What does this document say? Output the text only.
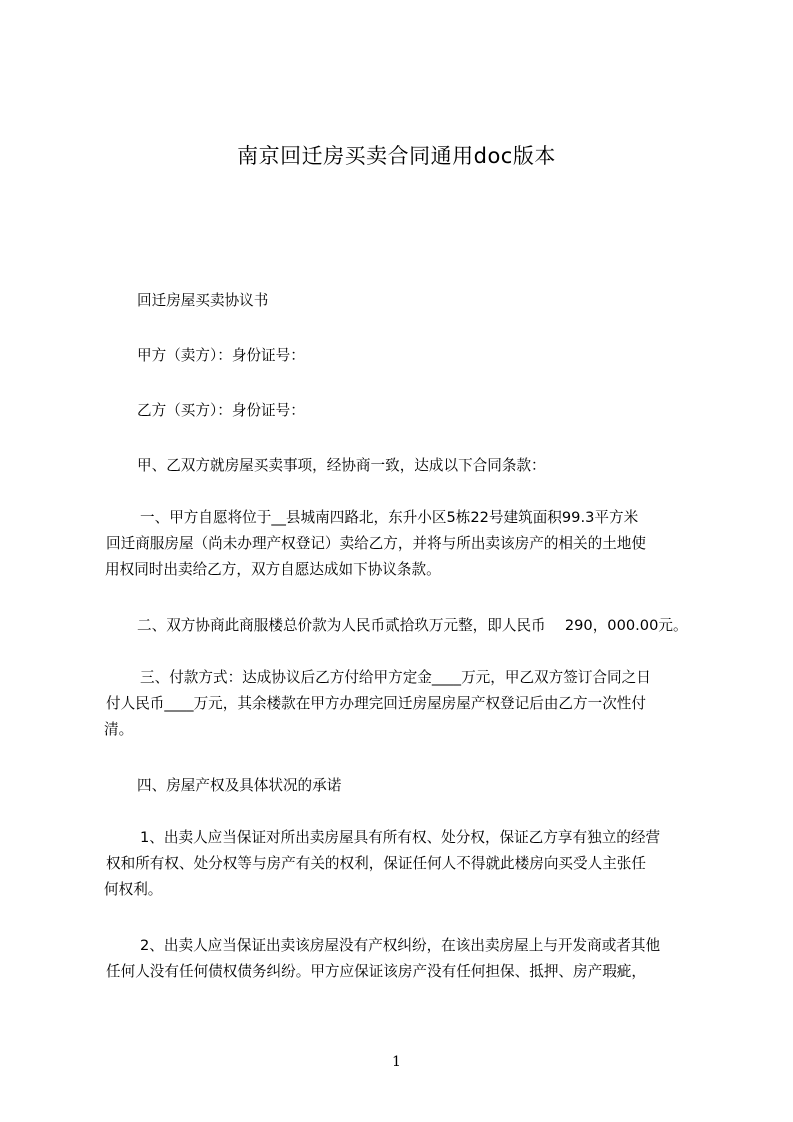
南京回迁房买卖合同通用doc版本
回迁房屋买卖协议书
甲方（卖方）：身份证号：
乙方（买方）：身份证号：
甲、乙双方就房屋买卖事项，经协商一致，达成以下合同条款：
一、甲方自愿将位于__县城南四路北，东升小区5栋22号建筑面积99.3平方米
回迁商服房屋（尚未办理产权登记）卖给乙方，并将与所出卖该房产的相关的土地使
用权同时出卖给乙方，双方自愿达成如下协议条款。
二、双方协商此商服楼总价款为人民币贰拾玖万元整，即人民币　 290，000.00元。
三、付款方式：达成协议后乙方付给甲方定金____万元，甲乙双方签订合同之日
付人民币____万元，其余楼款在甲方办理完回迁房屋房屋产权登记后由乙方一次性付
清。
四、房屋产权及具体状况的承诺
1、出卖人应当保证对所出卖房屋具有所有权、处分权，保证乙方享有独立的经营
权和所有权、处分权等与房产有关的权利，保证任何人不得就此楼房向买受人主张任
何权利。
2、出卖人应当保证出卖该房屋没有产权纠纷，在该出卖房屋上与开发商或者其他
任何人没有任何债权债务纠纷。甲方应保证该房产没有任何担保、抵押、房产瑕疵，
1
